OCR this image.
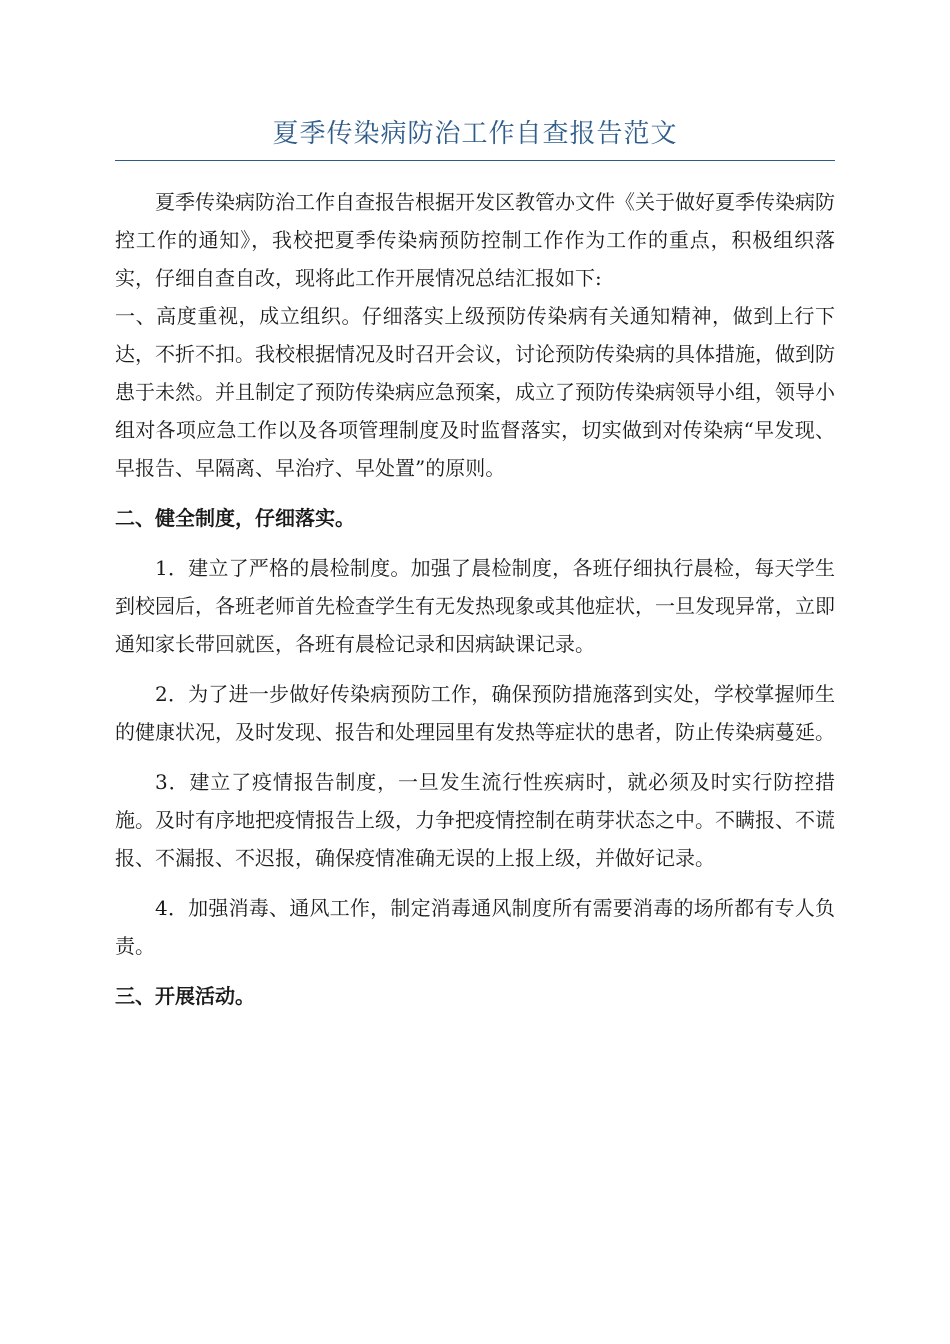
夏季传染病防治工作自查报告范文

夏季传染病防治工作自查报告根据开发区教管办文件《关于做好夏季传染病防控工作的通知》，我校把夏季传染病预防控制工作作为工作的重点，积极组织落实，仔细自查自改，现将此工作开展情况总结汇报如下:

一、高度重视，成立组织。仔细落实上级预防传染病有关通知精神，做到上行下达，不折不扣。我校根据情况及时召开会议，讨论预防传染病的具体措施，做到防患于未然。并且制定了预防传染病应急预案，成立了预防传染病领导小组，领导小组对各项应急工作以及各项管理制度及时监督落实，切实做到对传染病“早发现、早报告、早隔离、早治疗、早处置”的原则。

二、健全制度，仔细落实。

1．建立了严格的晨检制度。加强了晨检制度，各班仔细执行晨检，每天学生到校园后，各班老师首先检查学生有无发热现象或其他症状，一旦发现异常，立即通知家长带回就医，各班有晨检记录和因病缺课记录。

2．为了进一步做好传染病预防工作，确保预防措施落到实处，学校掌握师生的健康状况，及时发现、报告和处理园里有发热等症状的患者，防止传染病蔓延。

3．建立了疫情报告制度，一旦发生流行性疾病时，就必须及时实行防控措施。及时有序地把疫情报告上级，力争把疫情控制在萌芽状态之中。不瞒报、不谎报、不漏报、不迟报，确保疫情准确无误的上报上级，并做好记录。

4．加强消毒、通风工作，制定消毒通风制度所有需要消毒的场所都有专人负责。

三、开展活动。
